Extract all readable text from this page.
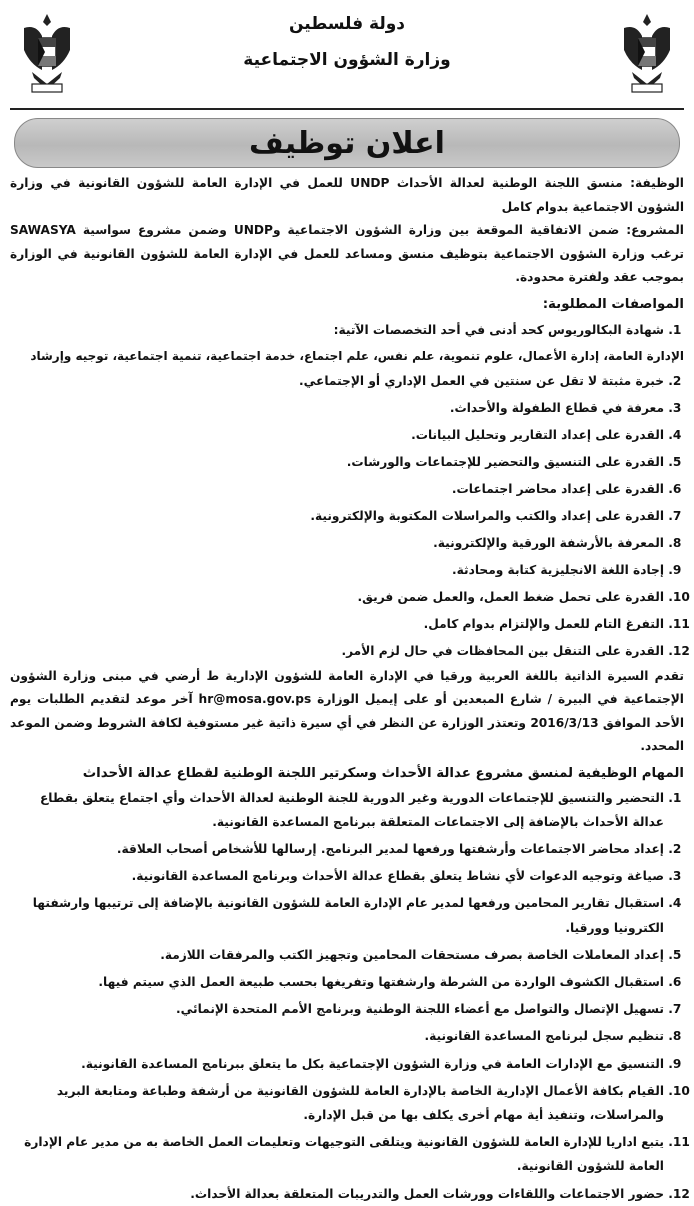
دولة فلسطين
وزارة الشؤون الاجتماعية
اعلان توظيف

الوظيفة: منسق اللجنة الوطنية لعدالة الأحداث UNDP للعمل في الإدارة العامة للشؤون القانونية في وزارة الشؤون الاجتماعية بدوام كامل

المشروع: ضمن الاتفاقية الموقعة بين وزارة الشؤون الاجتماعية وUNDP وضمن مشروع سواسية SAWASYA ترغب وزارة الشؤون الاجتماعية بتوظيف منسق ومساعد للعمل في الإدارة العامة للشؤون القانونية في الوزارة بموجب عقد ولفترة محدودة.

المواصفات المطلوبة:
1. شهادة البكالوريوس كحد أدنى في أحد التخصصات الآتية:
الإدارة العامة، إدارة الأعمال، علوم تنموية، علم نفس، علم اجتماع، خدمة اجتماعية، تنمية اجتماعية، توجيه وإرشاد
2. خبرة مثبتة لا تقل عن سنتين في العمل الإداري أو الإجتماعي.
3. معرفة في قطاع الطفولة والأحداث.
4. القدرة على إعداد التقارير وتحليل البيانات.
5. القدرة على التنسيق والتحضير للإجتماعات والورشات.
6. القدرة على إعداد محاضر اجتماعات.
7. القدرة على إعداد والكتب والمراسلات المكتوبة والإلكترونية.
8. المعرفة بالأرشفة الورقية والإلكترونية.
9. إجادة اللغة الانجليزية كتابة ومحادثة.
10. القدرة على تحمل ضغط العمل، والعمل ضمن فريق.
11. التفرغ التام للعمل والإلتزام بدوام كامل.
12. القدرة على التنقل بين المحافظات في حال لزم الأمر.

تقدم السيرة الذاتية باللغة العربية ورقيا في الإدارة العامة للشؤون الإدارية ط أرضي في مبنى وزارة الشؤون الإجتماعية في البيرة / شارع المبعدين أو على إيميل الوزارة hr@mosa.gov.ps آخر موعد لتقديم الطلبات يوم الأحد الموافق 2016/3/13 وتعتذر الوزارة عن النظر في أي سيرة ذاتية غير مستوفية لكافة الشروط وضمن الموعد المحدد.

المهام الوظيفية لمنسق مشروع عدالة الأحداث وسكرتير اللجنة الوطنية لقطاع عدالة الأحداث
1. التحضير والتنسيق للإجتماعات الدورية وغير الدورية للجنة الوطنية لعدالة الأحداث وأي اجتماع يتعلق بقطاع عدالة الأحداث بالإضافة إلى الاجتماعات المتعلقة ببرنامج المساعدة القانونية.
2. إعداد محاضر الاجتماعات وأرشفتها ورفعها لمدير البرنامج. إرسالها للأشخاص أصحاب العلاقة.
3. صياغة وتوجيه الدعوات لأي نشاط يتعلق بقطاع عدالة الأحداث وبرنامج المساعدة القانونية.
4. استقبال تقارير المحامين ورفعها لمدير عام الإدارة العامة للشؤون القانونية بالإضافة إلى ترتيبها وارشفتها الكترونيا وورقيا.
5. إعداد المعاملات الخاصة بصرف مستحقات المحامين وتجهيز الكتب والمرفقات اللازمة.
6. استقبال الكشوف الواردة من الشرطة وارشفتها وتفريغها بحسب طبيعة العمل الذي سيتم فيها.
7. تسهيل الإتصال والتواصل مع أعضاء اللجنة الوطنية وبرنامج الأمم المتحدة الإنمائي.
8. تنظيم سجل لبرنامج المساعدة القانونية.
9. التنسيق مع الإدارات العامة في وزارة الشؤون الإجتماعية بكل ما يتعلق ببرنامج المساعدة القانونية.
10. القيام بكافة الأعمال الإدارية الخاصة بالإدارة العامة للشؤون القانونية من أرشفة وطباعة ومتابعة البريد والمراسلات، وتنفيذ أية مهام أخرى يكلف بها من قبل الإدارة.
11. يتبع اداريا للإدارة العامة للشؤون القانونية ويتلقى التوجيهات وتعليمات العمل الخاصة به من مدير عام الإدارة العامة للشؤون القانونية.
12. حضور الاجتماعات واللقاءات وورشات العمل والتدريبات المتعلقة بعدالة الأحداث.
